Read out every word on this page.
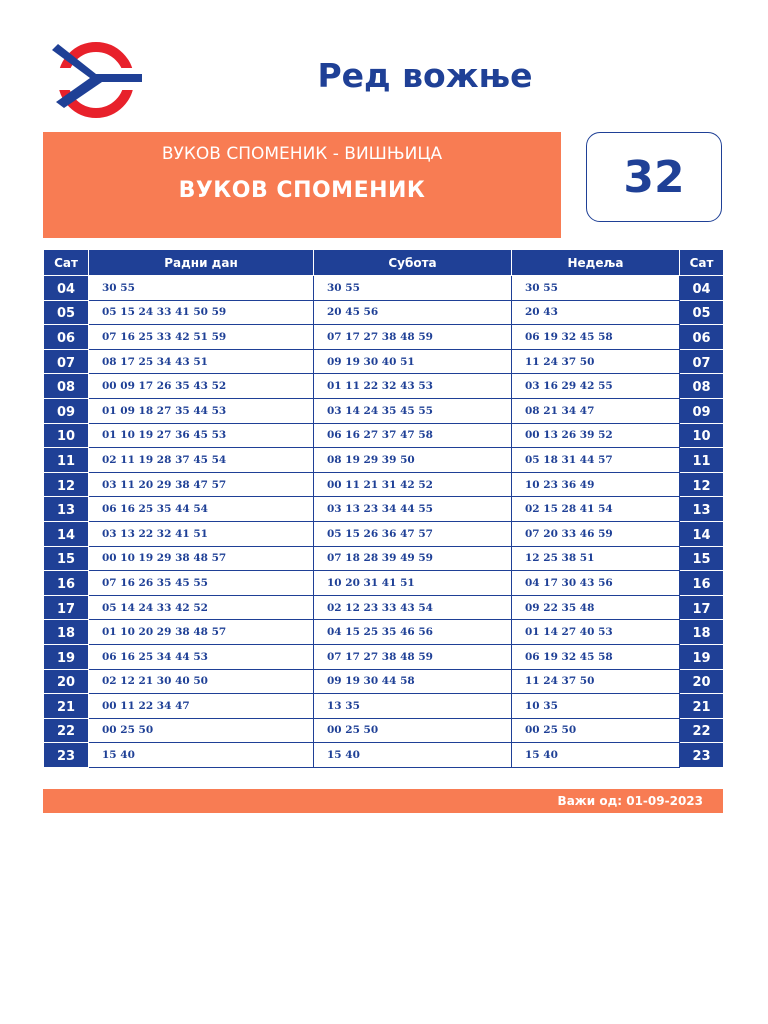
Ред вожње
ВУКОВ СПОМЕНИК - ВИШЊИЦА
ВУКОВ СПОМЕНИК	32
Сат	Радни дан	Субота	Недеља	Сат
04	30 55	30 55	30 55	04
05	05 15 24 33 41 50 59	20 45 56	20 43	05
06	07 16 25 33 42 51 59	07 17 27 38 48 59	06 19 32 45 58	06
07	08 17 25 34 43 51	09 19 30 40 51	11 24 37 50	07
08	00 09 17 26 35 43 52	01 11 22 32 43 53	03 16 29 42 55	08
09	01 09 18 27 35 44 53	03 14 24 35 45 55	08 21 34 47	09
10	01 10 19 27 36 45 53	06 16 27 37 47 58	00 13 26 39 52	10
11	02 11 19 28 37 45 54	08 19 29 39 50	05 18 31 44 57	11
12	03 11 20 29 38 47 57	00 11 21 31 42 52	10 23 36 49	12
13	06 16 25 35 44 54	03 13 23 34 44 55	02 15 28 41 54	13
14	03 13 22 32 41 51	05 15 26 36 47 57	07 20 33 46 59	14
15	00 10 19 29 38 48 57	07 18 28 39 49 59	12 25 38 51	15
16	07 16 26 35 45 55	10 20 31 41 51	04 17 30 43 56	16
17	05 14 24 33 42 52	02 12 23 33 43 54	09 22 35 48	17
18	01 10 20 29 38 48 57	04 15 25 35 46 56	01 14 27 40 53	18
19	06 16 25 34 44 53	07 17 27 38 48 59	06 19 32 45 58	19
20	02 12 21 30 40 50	09 19 30 44 58	11 24 37 50	20
21	00 11 22 34 47	13 35	10 35	21
22	00 25 50	00 25 50	00 25 50	22
23	15 40	15 40	15 40	23
Важи од: 01-09-2023
